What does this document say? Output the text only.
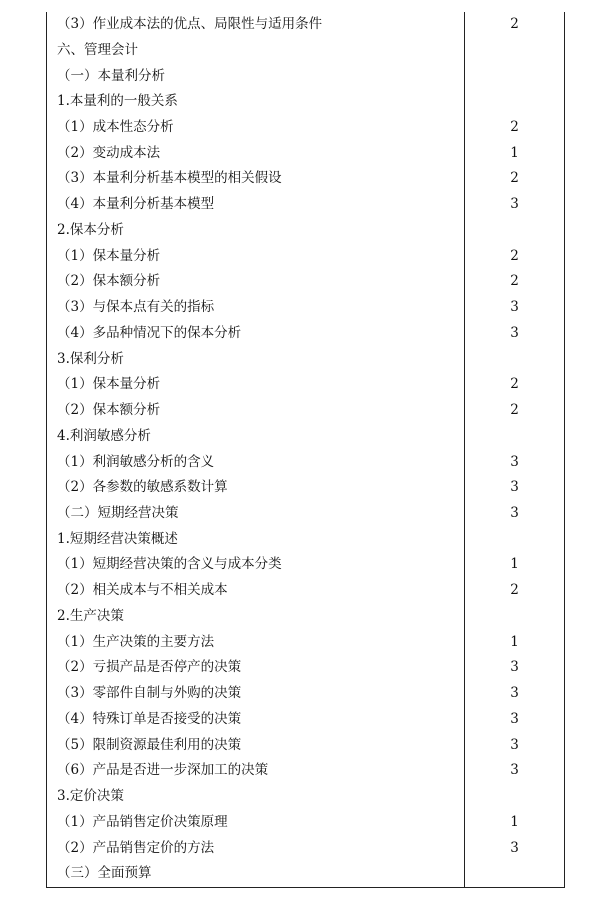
（3）作业成本法的优点、局限性与适用条件	2
六、管理会计	
（一）本量利分析	
1.本量利的一般关系	
（1）成本性态分析	2
（2）变动成本法	1
（3）本量利分析基本模型的相关假设	2
（4）本量利分析基本模型	3
2.保本分析	
（1）保本量分析	2
（2）保本额分析	2
（3）与保本点有关的指标	3
（4）多品种情况下的保本分析	3
3.保利分析	
（1）保本量分析	2
（2）保本额分析	2
4.利润敏感分析	
（1）利润敏感分析的含义	3
（2）各参数的敏感系数计算	3
（二）短期经营决策	3
1.短期经营决策概述	
（1）短期经营决策的含义与成本分类	1
（2）相关成本与不相关成本	2
2.生产决策	
（1）生产决策的主要方法	1
（2）亏损产品是否停产的决策	3
（3）零部件自制与外购的决策	3
（4）特殊订单是否接受的决策	3
（5）限制资源最佳利用的决策	3
（6）产品是否进一步深加工的决策	3
3.定价决策	
（1）产品销售定价决策原理	1
（2）产品销售定价的方法	3
（三）全面预算	
